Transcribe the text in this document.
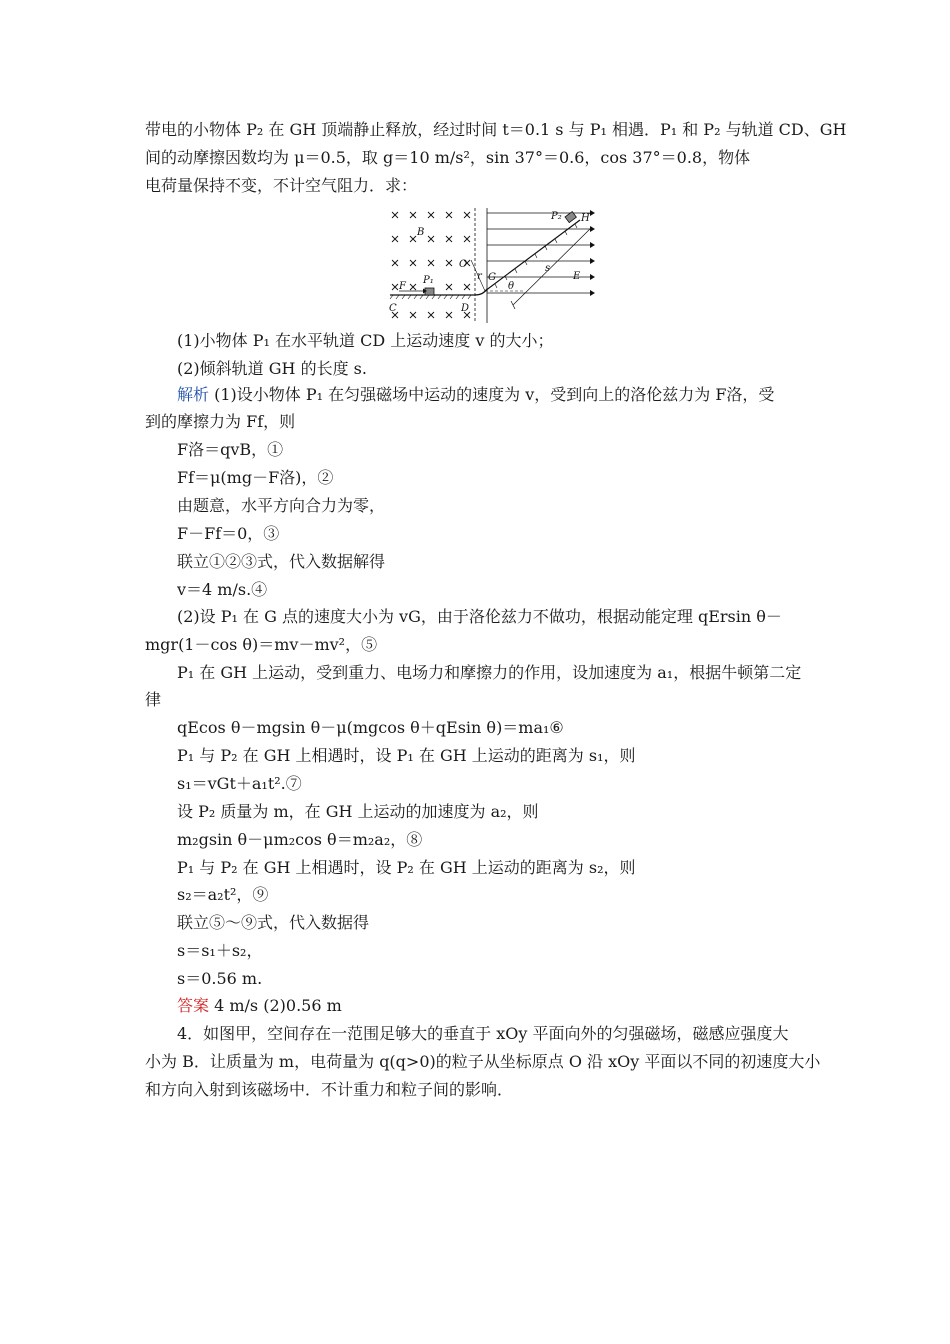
带电的小物体 P₂ 在 GH 顶端静止释放，经过时间 t＝0.1 s 与 P₁ 相遇．P₁ 和 P₂ 与轨道 CD、GH
间的动摩擦因数均为 μ＝0.5，取 g＝10 m/s²，sin 37°＝0.6，cos 37°＝0.8，物体
电荷量保持不变，不计空气阻力．求：
B
P₂ H
O
r G
s
E
θ
P₁
F
C	D
(1)小物体 P₁ 在水平轨道 CD 上运动速度 v 的大小；
(2)倾斜轨道 GH 的长度 s.
解析 (1)设小物体 P₁ 在匀强磁场中运动的速度为 v，受到向上的洛伦兹力为 F洛，受
到的摩擦力为 Ff，则
F洛＝qvB，①
Ff＝μ(mg－F洛)，②
由题意，水平方向合力为零，
F－Ff＝0，③
联立①②③式，代入数据解得
v＝4 m/s.④
(2)设 P₁ 在 G 点的速度大小为 vG，由于洛伦兹力不做功，根据动能定理 qErsin θ－
mgr(1－cos θ)＝mv－mv²，⑤
P₁ 在 GH 上运动，受到重力、电场力和摩擦力的作用，设加速度为 a₁，根据牛顿第二定
律
qEcos θ－mgsin θ－μ(mgcos θ＋qEsin θ)＝ma₁⑥
P₁ 与 P₂ 在 GH 上相遇时，设 P₁ 在 GH 上运动的距离为 s₁，则
s₁＝vGt＋a₁t².⑦
设 P₂ 质量为 m，在 GH 上运动的加速度为 a₂，则
m₂gsin θ－μm₂cos θ＝m₂a₂，⑧
P₁ 与 P₂ 在 GH 上相遇时，设 P₂ 在 GH 上运动的距离为 s₂，则
s₂＝a₂t²，⑨
联立⑤～⑨式，代入数据得
s＝s₁＋s₂，
s＝0.56 m.
答案 4 m/s (2)0.56 m
4．如图甲，空间存在一范围足够大的垂直于 xOy 平面向外的匀强磁场，磁感应强度大
小为 B．让质量为 m，电荷量为 q(q>0)的粒子从坐标原点 O 沿 xOy 平面以不同的初速度大小
和方向入射到该磁场中．不计重力和粒子间的影响．
